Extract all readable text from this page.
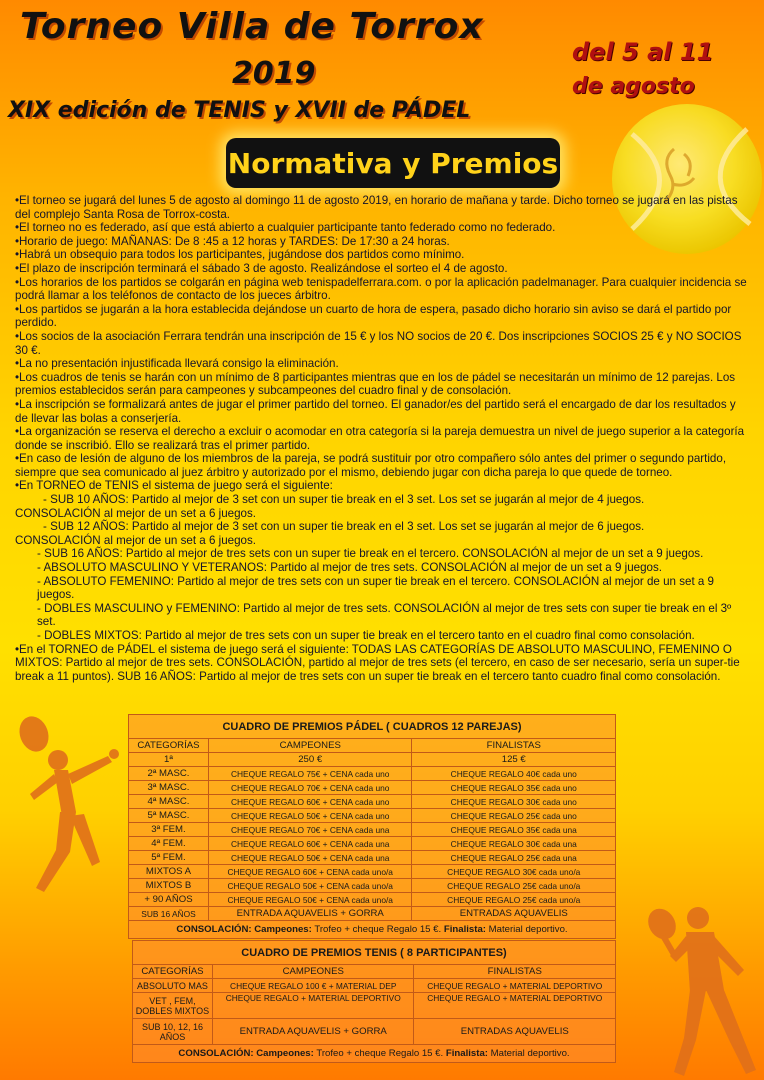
Torneo Villa de Torrox
2019
XIX edición de TENIS y XVII de PÁDEL
del 5 al 11
de agosto
Normativa y Premios

•El torneo se jugará del lunes 5 de agosto al domingo 11 de agosto 2019, en horario de mañana y tarde. Dicho torneo se jugará en las pistas del complejo Santa Rosa de Torrox-costa.

•El torneo no es federado, así que está abierto a cualquier participante tanto federado como no federado.

•Horario de juego: MAÑANAS: De 8 :45 a 12 horas y TARDES: De 17:30 a 24 horas.

•Habrá un obsequio para todos los participantes, jugándose dos partidos como mínimo.

•El plazo de inscripción terminará el sábado 3 de agosto. Realizándose el sorteo el 4 de agosto.

•Los horarios de los partidos se colgarán en página web tenispadelferrara.com. o por la aplicación padelmanager. Para cualquier incidencia se podrá llamar a los teléfonos de contacto de los jueces árbitro.

•Los partidos se jugarán a la hora establecida dejándose un cuarto de hora de espera, pasado dicho horario sin aviso se dará el partido por perdido.

•Los socios de la asociación Ferrara tendrán una inscripción de 15 € y los NO socios de 20 €. Dos inscripciones SOCIOS 25 € y NO SOCIOS 30 €.

•La no presentación injustificada llevará consigo la eliminación.

•Los cuadros de tenis se harán con un mínimo de 8 participantes mientras que en los de pádel se necesitarán un mínimo de 12 parejas. Los premios establecidos serán para campeones y subcampeones del cuadro final y de consolación.

•La inscripción se formalizará antes de jugar el primer partido del torneo. El ganador/es del partido será el encargado de dar los resultados y de llevar las bolas a conserjería.

•La organización se reserva el derecho a excluir o acomodar en otra categoría si la pareja demuestra un nivel de juego superior a la categoría donde se inscribió. Ello se realizará tras el primer partido.

•En caso de lesión de alguno de los miembros de la pareja, se podrá sustituir por otro compañero sólo antes del primer o segundo partido, siempre que sea comunicado al juez árbitro y autorizado por el mismo, debiendo jugar con dicha pareja lo que quede de torneo.

•En TORNEO de TENIS el sistema de juego será el siguiente:

- SUB 10 AÑOS: Partido al mejor de 3 set con un super tie break en el 3 set. Los set se jugarán al mejor de 4 juegos.

CONSOLACIÓN al mejor de un set a 6 juegos.

- SUB 12 AÑOS: Partido al mejor de 3 set con un super tie break en el 3 set. Los set se jugarán al mejor de 6 juegos.

CONSOLACIÓN al mejor de un set a 6 juegos.

- SUB 16 AÑOS: Partido al mejor de tres sets con un super tie break en el tercero. CONSOLACIÓN al mejor de un set a 9 juegos.

- ABSOLUTO MASCULINO Y VETERANOS: Partido al mejor de tres sets. CONSOLACIÓN al mejor de un set a 9 juegos.

- ABSOLUTO FEMENINO: Partido al mejor de tres sets con un super tie break en el tercero. CONSOLACIÓN al mejor de un set a 9 juegos.

- DOBLES MASCULINO y FEMENINO: Partido al mejor de tres sets. CONSOLACIÓN al mejor de tres sets con super tie break en el 3º set.

- DOBLES MIXTOS: Partido al mejor de tres sets con un super tie break en el tercero tanto en el cuadro final como consolación.

•En el TORNEO de PÁDEL el sistema de juego será el siguiente: TODAS LAS CATEGORÍAS DE ABSOLUTO MASCULINO, FEMENINO O MIXTOS: Partido al mejor de tres sets. CONSOLACIÓN, partido al mejor de tres sets (el tercero, en caso de ser necesario, sería un super-tie break a 11 puntos). SUB 16 AÑOS: Partido al mejor de tres sets con un super tie break en el tercero tanto cuadro final como consolación.

CUADRO DE PREMIOS PÁDEL ( CUADROS 12 PAREJAS)		
CATEGORÍAS	CAMPEONES	FINALISTAS
1ª	250 €	125 €
2ª MASC.	CHEQUE REGALO 75€ + CENA cada uno	CHEQUE REGALO 40€ cada uno
3ª MASC.	CHEQUE REGALO 70€ + CENA cada uno	CHEQUE REGALO 35€ cada uno
4ª MASC.	CHEQUE REGALO 60€ + CENA cada uno	CHEQUE REGALO 30€ cada uno
5ª MASC.	CHEQUE REGALO 50€ + CENA cada uno	CHEQUE REGALO 25€ cada uno
3ª FEM.	CHEQUE REGALO 70€ + CENA cada una	CHEQUE REGALO 35€ cada una
4ª FEM.	CHEQUE REGALO 60€ + CENA cada una	CHEQUE REGALO 30€ cada una
5ª FEM.	CHEQUE REGALO 50€ + CENA cada una	CHEQUE REGALO 25€ cada una
MIXTOS A	CHEQUE REGALO 60€ + CENA cada uno/a	CHEQUE REGALO 30€ cada uno/a
MIXTOS B	CHEQUE REGALO 50€ + CENA cada uno/a	CHEQUE REGALO 25€ cada uno/a
+ 90 AÑOS	CHEQUE REGALO 50€ + CENA cada uno/a	CHEQUE REGALO 25€ cada uno/a
SUB 16 AÑOS	ENTRADA AQUAVELIS + GORRA	ENTRADAS AQUAVELIS
CONSOLACIÓN: Campeones: Trofeo + cheque Regalo 15 €. Finalista: Material deportivo.		
CUADRO DE PREMIOS TENIS ( 8 PARTICIPANTES)		
CATEGORÍAS	CAMPEONES	FINALISTAS
ABSOLUTO MAS	CHEQUE REGALO 100 € + MATERIAL DEP	CHEQUE REGALO + MATERIAL DEPORTIVO
VET , FEM, DOBLES MIXTOS	CHEQUE REGALO + MATERIAL DEPORTIVO	CHEQUE REGALO + MATERIAL DEPORTIVO
SUB 10, 12, 16 AÑOS	ENTRADA AQUAVELIS + GORRA	ENTRADAS AQUAVELIS
CONSOLACIÓN: Campeones: Trofeo + cheque Regalo 15 €. Finalista: Material deportivo.		
